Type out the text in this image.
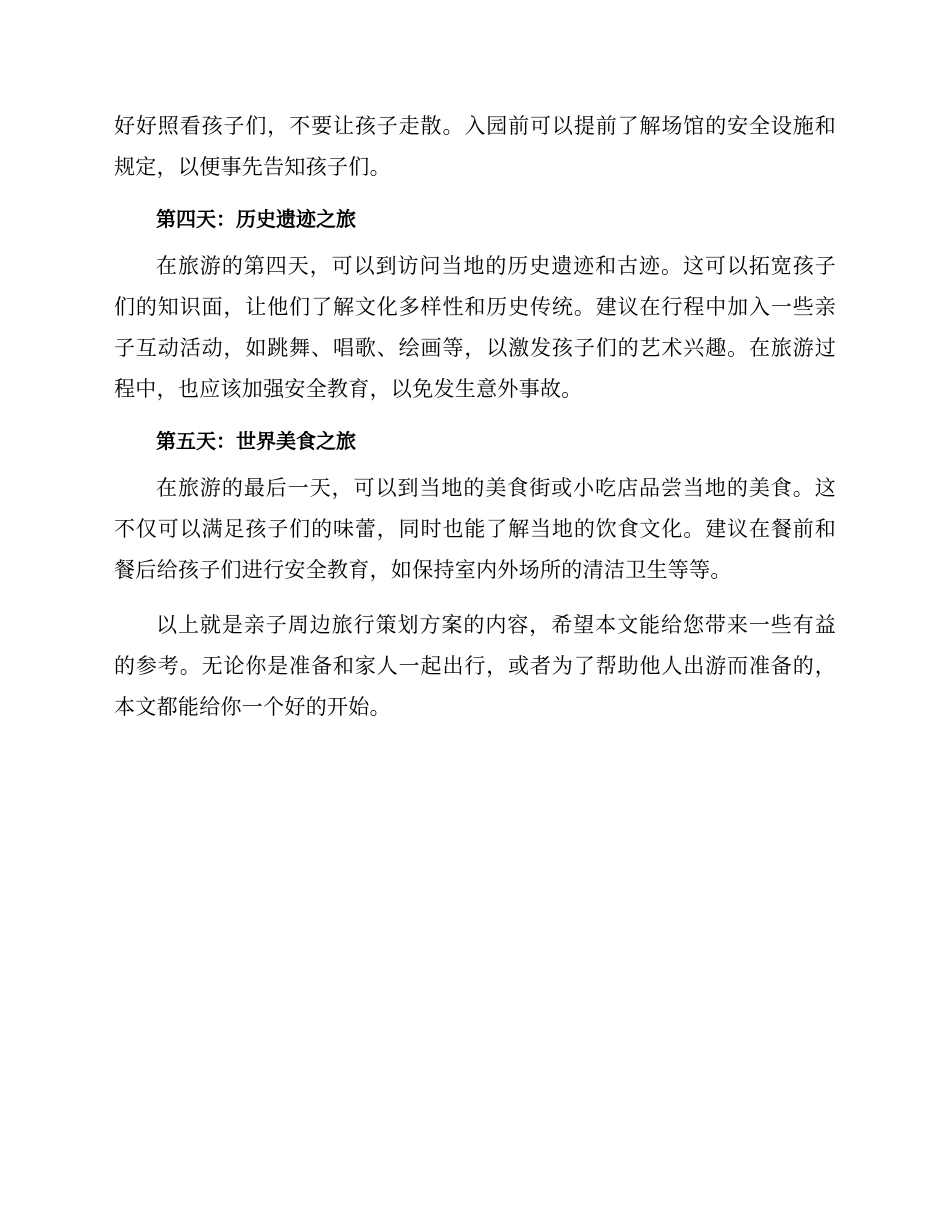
好好照看孩子们，不要让孩子走散。入园前可以提前了解场馆的安全设施和规定，以便事先告知孩子们。

第四天：历史遗迹之旅

在旅游的第四天，可以到访问当地的历史遗迹和古迹。这可以拓宽孩子们的知识面，让他们了解文化多样性和历史传统。建议在行程中加入一些亲子互动活动，如跳舞、唱歌、绘画等，以激发孩子们的艺术兴趣。在旅游过程中，也应该加强安全教育，以免发生意外事故。

第五天：世界美食之旅

在旅游的最后一天，可以到当地的美食街或小吃店品尝当地的美食。这不仅可以满足孩子们的味蕾，同时也能了解当地的饮食文化。建议在餐前和餐后给孩子们进行安全教育，如保持室内外场所的清洁卫生等等。

以上就是亲子周边旅行策划方案的内容，希望本文能给您带来一些有益的参考。无论你是准备和家人一起出行，或者为了帮助他人出游而准备的，本文都能给你一个好的开始。
